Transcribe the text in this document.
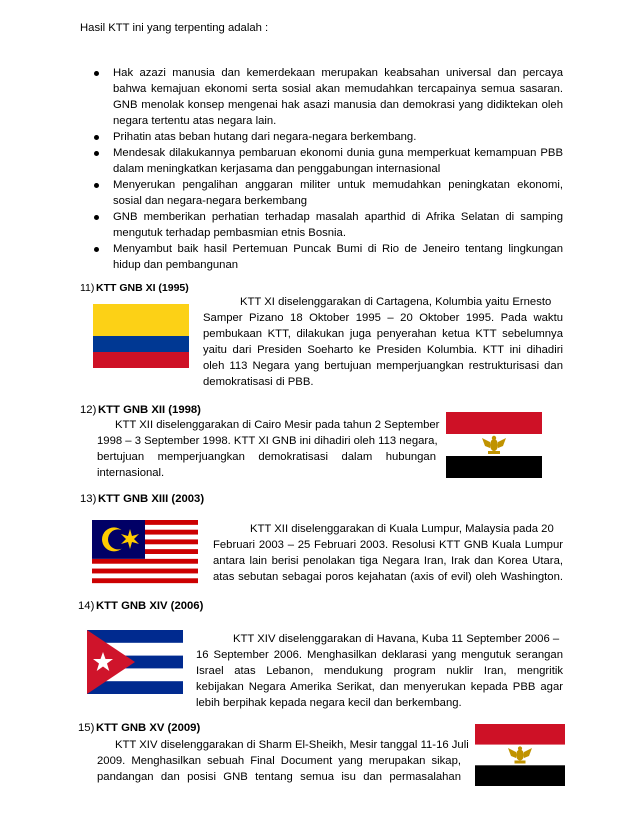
Hasil KTT ini yang terpenting adalah :
Hak azazi manusia dan kemerdekaan merupakan keabsahan universal dan percaya
bahwa kemajuan ekonomi serta sosial akan memudahkan tercapainya semua sasaran.
GNB menolak konsep mengenai hak asazi manusia dan demokrasi yang didiktekan oleh
negara tertentu atas negara lain.
Prihatin atas beban hutang dari negara-negara berkembang.
Mendesak dilakukannya pembaruan ekonomi dunia guna memperkuat kemampuan PBB
dalam meningkatkan kerjasama dan penggabungan internasional
Menyerukan pengalihan anggaran militer untuk memudahkan peningkatan ekonomi,
sosial dan negara-negara berkembang
GNB memberikan perhatian terhadap masalah aparthid di Afrika Selatan di samping
mengutuk terhadap pembasmian etnis Bosnia.
Menyambut baik hasil Pertemuan Puncak Bumi di Rio de Jeneiro tentang lingkungan
hidup dan pembangunan
11) KTT GNB XI (1995)
KTT XI diselenggarakan di Cartagena, Kolumbia yaitu Ernesto
Samper Pizano 18 Oktober 1995 – 20 Oktober 1995. Pada waktu
pembukaan KTT, dilakukan juga penyerahan ketua KTT sebelumnya
yaitu dari Presiden Soeharto ke Presiden Kolumbia. KTT ini dihadiri
oleh 113 Negara yang bertujuan memperjuangkan restrukturisasi dan
demokratisasi di PBB.
12) KTT GNB XII (1998)
KTT XII diselenggarakan di Cairo Mesir pada tahun 2 September
1998 – 3 September 1998. KTT XI GNB ini dihadiri oleh 113 negara,
bertujuan memperjuangkan demokratisasi dalam hubungan
internasional.
13) KTT GNB XIII (2003)
KTT XII diselenggarakan di Kuala Lumpur, Malaysia pada 20
Februari 2003 – 25 Februari 2003. Resolusi KTT GNB Kuala Lumpur
antara lain berisi penolakan tiga Negara Iran, Irak dan Korea Utara,
atas sebutan sebagai poros kejahatan (axis of evil) oleh Washington.
14) KTT GNB XIV (2006)
KTT XIV diselenggarakan di Havana, Kuba 11 September 2006 –
16 September 2006. Menghasilkan deklarasi yang mengutuk serangan
Israel atas Lebanon, mendukung program nuklir Iran, mengritik
kebijakan Negara Amerika Serikat, dan menyerukan kepada PBB agar
lebih berpihak kepada negara kecil dan berkembang.
15) KTT GNB XV (2009)
KTT XIV diselenggarakan di Sharm El-Sheikh, Mesir tanggal 11-16 Juli
2009. Menghasilkan sebuah Final Document yang merupakan sikap,
pandangan dan posisi GNB tentang semua isu dan permasalahan
